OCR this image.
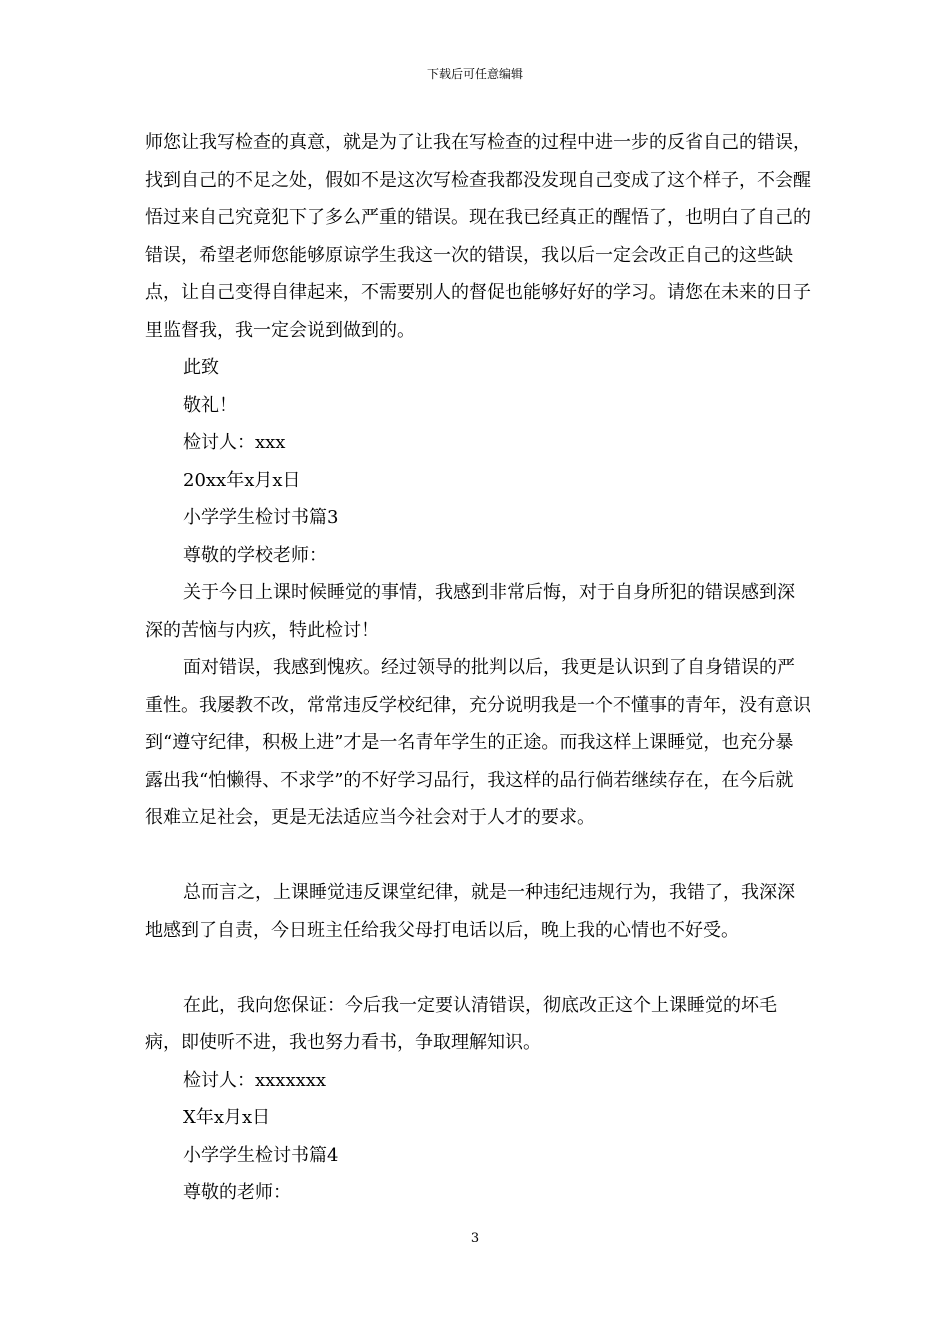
下载后可任意编辑

师您让我写检查的真意，就是为了让我在写检查的过程中进一步的反省自己的错误，找到自己的不足之处，假如不是这次写检查我都没发现自己变成了这个样子，不会醒悟过来自己究竟犯下了多么严重的错误。现在我已经真正的醒悟了，也明白了自己的错误，希望老师您能够原谅学生我这一次的错误，我以后一定会改正自己的这些缺点，让自己变得自律起来，不需要别人的督促也能够好好的学习。请您在未来的日子里监督我，我一定会说到做到的。

此致

敬礼！

检讨人：xxx

20xx年x月x日

小学学生检讨书篇3

尊敬的学校老师：

关于今日上课时候睡觉的事情，我感到非常后悔，对于自身所犯的错误感到深深的苦恼与内疚，特此检讨！

面对错误，我感到愧疚。经过领导的批判以后，我更是认识到了自身错误的严重性。我屡教不改，常常违反学校纪律，充分说明我是一个不懂事的青年，没有意识到“遵守纪律，积极上进”才是一名青年学生的正途。而我这样上课睡觉，也充分暴露出我“怕懒得、不求学”的不好学习品行，我这样的品行倘若继续存在，在今后就很难立足社会，更是无法适应当今社会对于人才的要求。

总而言之，上课睡觉违反课堂纪律，就是一种违纪违规行为，我错了，我深深地感到了自责，今日班主任给我父母打电话以后，晚上我的心情也不好受。

在此，我向您保证：今后我一定要认清错误，彻底改正这个上课睡觉的坏毛病，即使听不进，我也努力看书，争取理解知识。

检讨人：xxxxxxx

X年x月x日

小学学生检讨书篇4

尊敬的老师：

3
